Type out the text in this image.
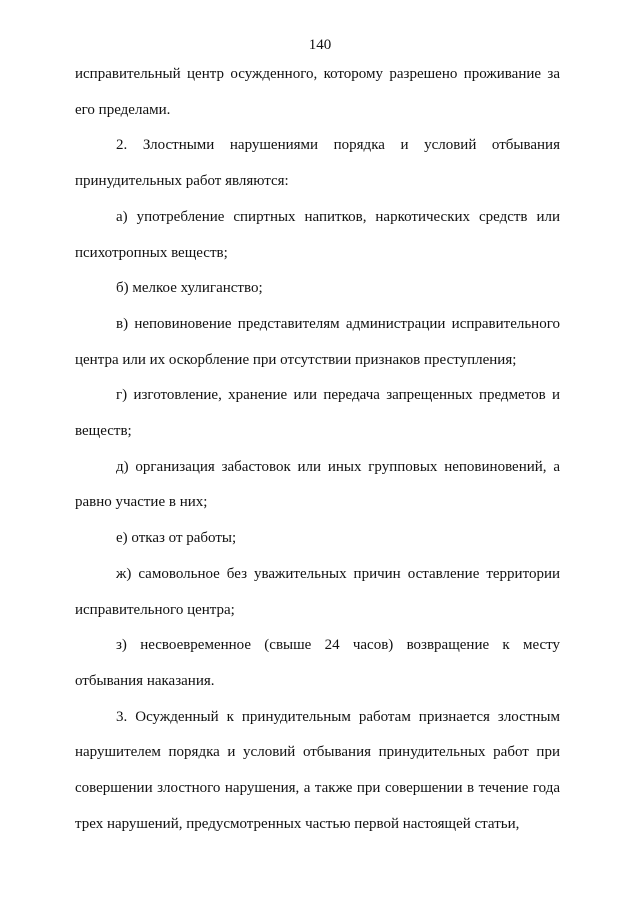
140

исправительный центр осужденного, которому разрешено проживание за его пределами.

2. Злостными нарушениями порядка и условий отбывания принудительных работ являются:

а) употребление спиртных напитков, наркотических средств или психотропных веществ;

б) мелкое хулиганство;

в) неповиновение представителям администрации исправительного центра или их оскорбление при отсутствии признаков преступления;

г) изготовление, хранение или передача запрещенных предметов и веществ;

д) организация забастовок или иных групповых неповиновений, а равно участие в них;

е) отказ от работы;

ж) самовольное без уважительных причин оставление территории исправительного центра;

з) несвоевременное (свыше 24 часов) возвращение к месту отбывания наказания.

3. Осужденный к принудительным работам признается злостным нарушителем порядка и условий отбывания принудительных работ при совершении злостного нарушения, а также при совершении в течение года трех нарушений, предусмотренных частью первой настоящей статьи,
